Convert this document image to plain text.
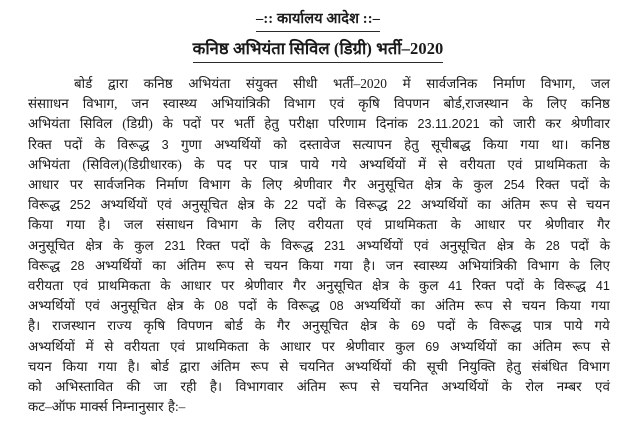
–:: कार्यालय आदेश ::–
कनिष्ठ अभियंता सिविल (डिग्री) भर्ती–2020
बोर्ड द्वारा कनिष्ठ अभियंता संयुक्त सीधी भर्ती–2020 में सार्वजनिक निर्माण विभाग, जल
संसााधन विभाग, जन स्वास्थ्य अभियांत्रिकी विभाग एवं कृषि विपणन बोर्ड,राजस्थान के लिए कनिष्ठ
अभियंता सिविल (डिग्री) के पदों पर भर्ती हेतु परीक्षा परिणाम दिनांक 23.11.2021 को जारी कर श्रेणीवार
रिक्त पदों के विरूद्ध 3 गुणा अभ्यर्थियों को दस्तावेज सत्यापन हेतु सूचीबद्ध किया गया था। कनिष्ठ
अभियंता (सिविल)(डिग्रीधारक) के पद पर पात्र पाये गये अभ्यर्थियों में से वरीयता एवं प्राथमिकता के
आधार पर सार्वजनिक निर्माण विभाग के लिए श्रेणीवार गैर अनुसूचित क्षेत्र के कुल 254 रिक्त पदों के
विरूद्ध 252 अभ्यर्थियों एवं अनुसूचित क्षेत्र के 22 पदों के विरूद्ध 22 अभ्यर्थियों का अंतिम रूप से चयन
किया गया है। जल संसाधन विभाग के लिए वरीयता एवं प्राथमिकता के आधार पर श्रेणीवार गैर
अनुसूचित क्षेत्र के कुल 231 रिक्त पदों के विरूद्ध 231 अभ्यर्थियों एवं अनुसूचित क्षेत्र के 28 पदों के
विरूद्ध 28 अभ्यर्थियों का अंतिम रूप से चयन किया गया है। जन स्वास्थ्य अभियांत्रिकी विभाग के लिए
वरीयता एवं प्राथमिकता के आधार पर श्रेणीवार गैर अनुसूचित क्षेत्र के कुल 41 रिक्त पदों के विरूद्ध 41
अभ्यर्थियों एवं अनुसूचित क्षेत्र के 08 पदों के विरूद्ध 08 अभ्यर्थियों का अंतिम रूप से चयन किया गया
है। राजस्थान राज्य कृषि विपणन बोर्ड के गैर अनुसूचित क्षेत्र के 69 पदों के विरूद्ध पात्र पाये गये
अभ्यर्थियों में से वरीयता एवं प्राथमिकता के आधार पर श्रेणीवार कुल 69 अभ्यर्थियों का अंतिम रूप से
चयन किया गया है। बोर्ड द्वारा अंतिम रूप से चयनित अभ्यर्थियों की सूची नियुक्ति हेतु संबंधित विभाग
को अभिस्तावित की जा रही है। विभागवार अंतिम रूप से चयनित अभ्यर्थियों के रोल नम्बर एवं
कट–ऑफ मार्क्स निम्नानुसार है:–
